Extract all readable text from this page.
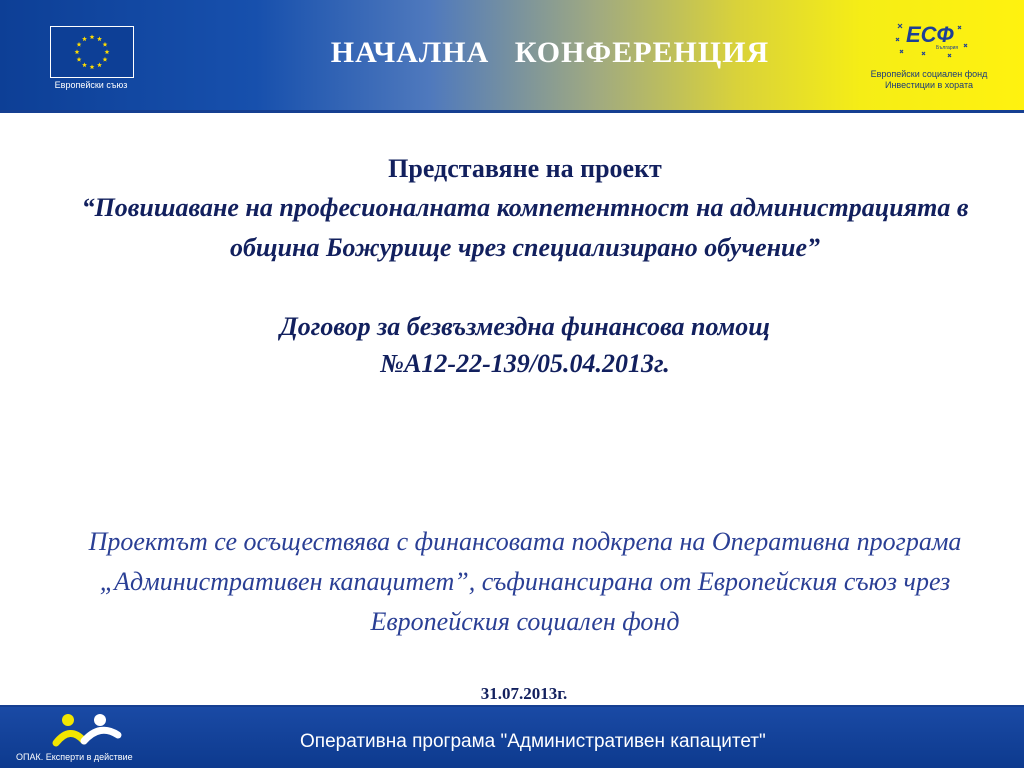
Европейски съюз
НАЧАЛНА   КОНФЕРЕНЦИЯ
ЕСФ
България
Европейски социален фонд
Инвестиции в хората
Представяне на проект
“Повишаване на професионалната компетентност на администрацията в община Божурище чрез специализирано обучение”
Договор за безвъзмездна финансова помощ
№А12-22-139/05.04.2013г.
Проектът се осъществява с финансовата подкрепа на Оперативна програма „Административен капацитет”, съфинансирана от Европейския съюз чрез Европейския социален фонд
31.07.2013г.
ОПАК. Експерти в действие
Оперативна програма "Административен капацитет"
